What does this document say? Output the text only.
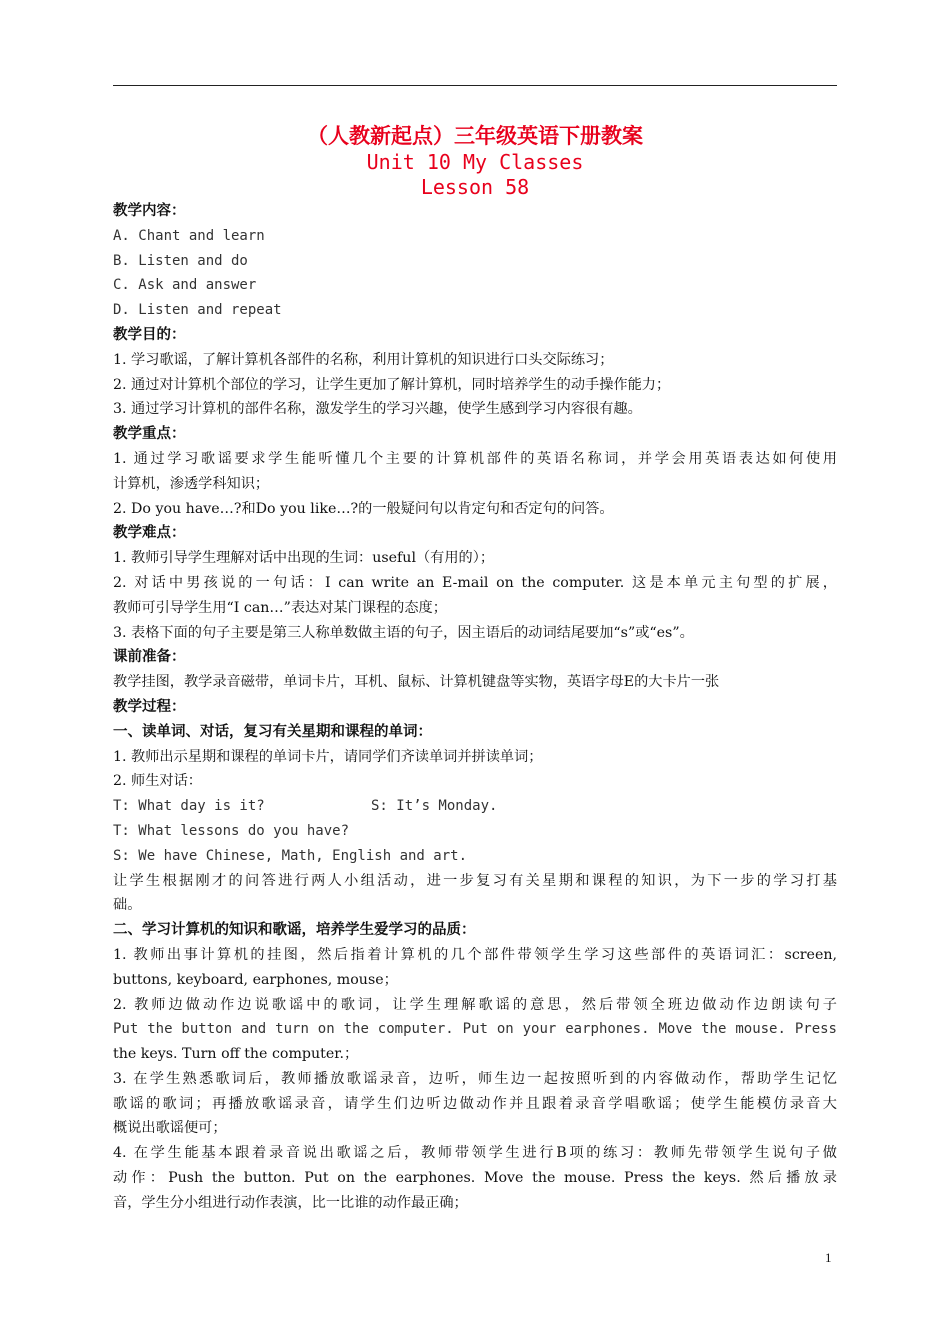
（人教新起点）三年级英语下册教案
Unit 10 My Classes
Lesson 58
教学内容：
A. Chant and learn
B. Listen and do
C. Ask and answer
D. Listen and repeat
教学目的：
1. 学习歌谣，了解计算机各部件的名称，利用计算机的知识进行口头交际练习；
2. 通过对计算机个部位的学习，让学生更加了解计算机，同时培养学生的动手操作能力；
3. 通过学习计算机的部件名称，激发学生的学习兴趣，使学生感到学习内容很有趣。
教学重点：
1. 通过学习歌谣要求学生能听懂几个主要的计算机部件的英语名称词，并学会用英语表达如何使用
计算机，渗透学科知识；
2. Do you have…?和Do you like…?的一般疑问句以肯定句和否定句的问答。
教学难点：
1. 教师引导学生理解对话中出现的生词：useful（有用的）；
2. 对话中男孩说的一句话：I can write an E-mail on the computer. 这是本单元主句型的扩展，
教师可引导学生用“I can…”表达对某门课程的态度；
3. 表格下面的句子主要是第三人称单数做主语的句子，因主语后的动词结尾要加“s”或“es”。
课前准备：
教学挂图，教学录音磁带，单词卡片，耳机、鼠标、计算机键盘等实物，英语字母E的大卡片一张
教学过程：
一、读单词、对话，复习有关星期和课程的单词：
1. 教师出示星期和课程的单词卡片，请同学们齐读单词并拼读单词；
2. 师生对话：
T: What day is it?	S: It’s Monday.
T: What lessons do you have?
S: We have Chinese, Math, English and art.
让学生根据刚才的问答进行两人小组活动，进一步复习有关星期和课程的知识，为下一步的学习打基
础。
二、学习计算机的知识和歌谣，培养学生爱学习的品质：
1. 教师出事计算机的挂图，然后指着计算机的几个部件带领学生学习这些部件的英语词汇：screen,
buttons, keyboard, earphones, mouse；
2. 教师边做动作边说歌谣中的歌词，让学生理解歌谣的意思，然后带领全班边做动作边朗读句子
Put the button and turn on the computer. Put on your earphones. Move the mouse. Press
the keys. Turn off the computer.；
3. 在学生熟悉歌词后，教师播放歌谣录音，边听，师生边一起按照听到的内容做动作，帮助学生记忆
歌谣的歌词；再播放歌谣录音，请学生们边听边做动作并且跟着录音学唱歌谣；使学生能模仿录音大
概说出歌谣便可；
4. 在学生能基本跟着录音说出歌谣之后，教师带领学生进行B项的练习：教师先带领学生说句子做
动作：Push the button. Put on the earphones. Move the mouse. Press the keys. 然后播放录
音，学生分小组进行动作表演，比一比谁的动作最正确；
1
